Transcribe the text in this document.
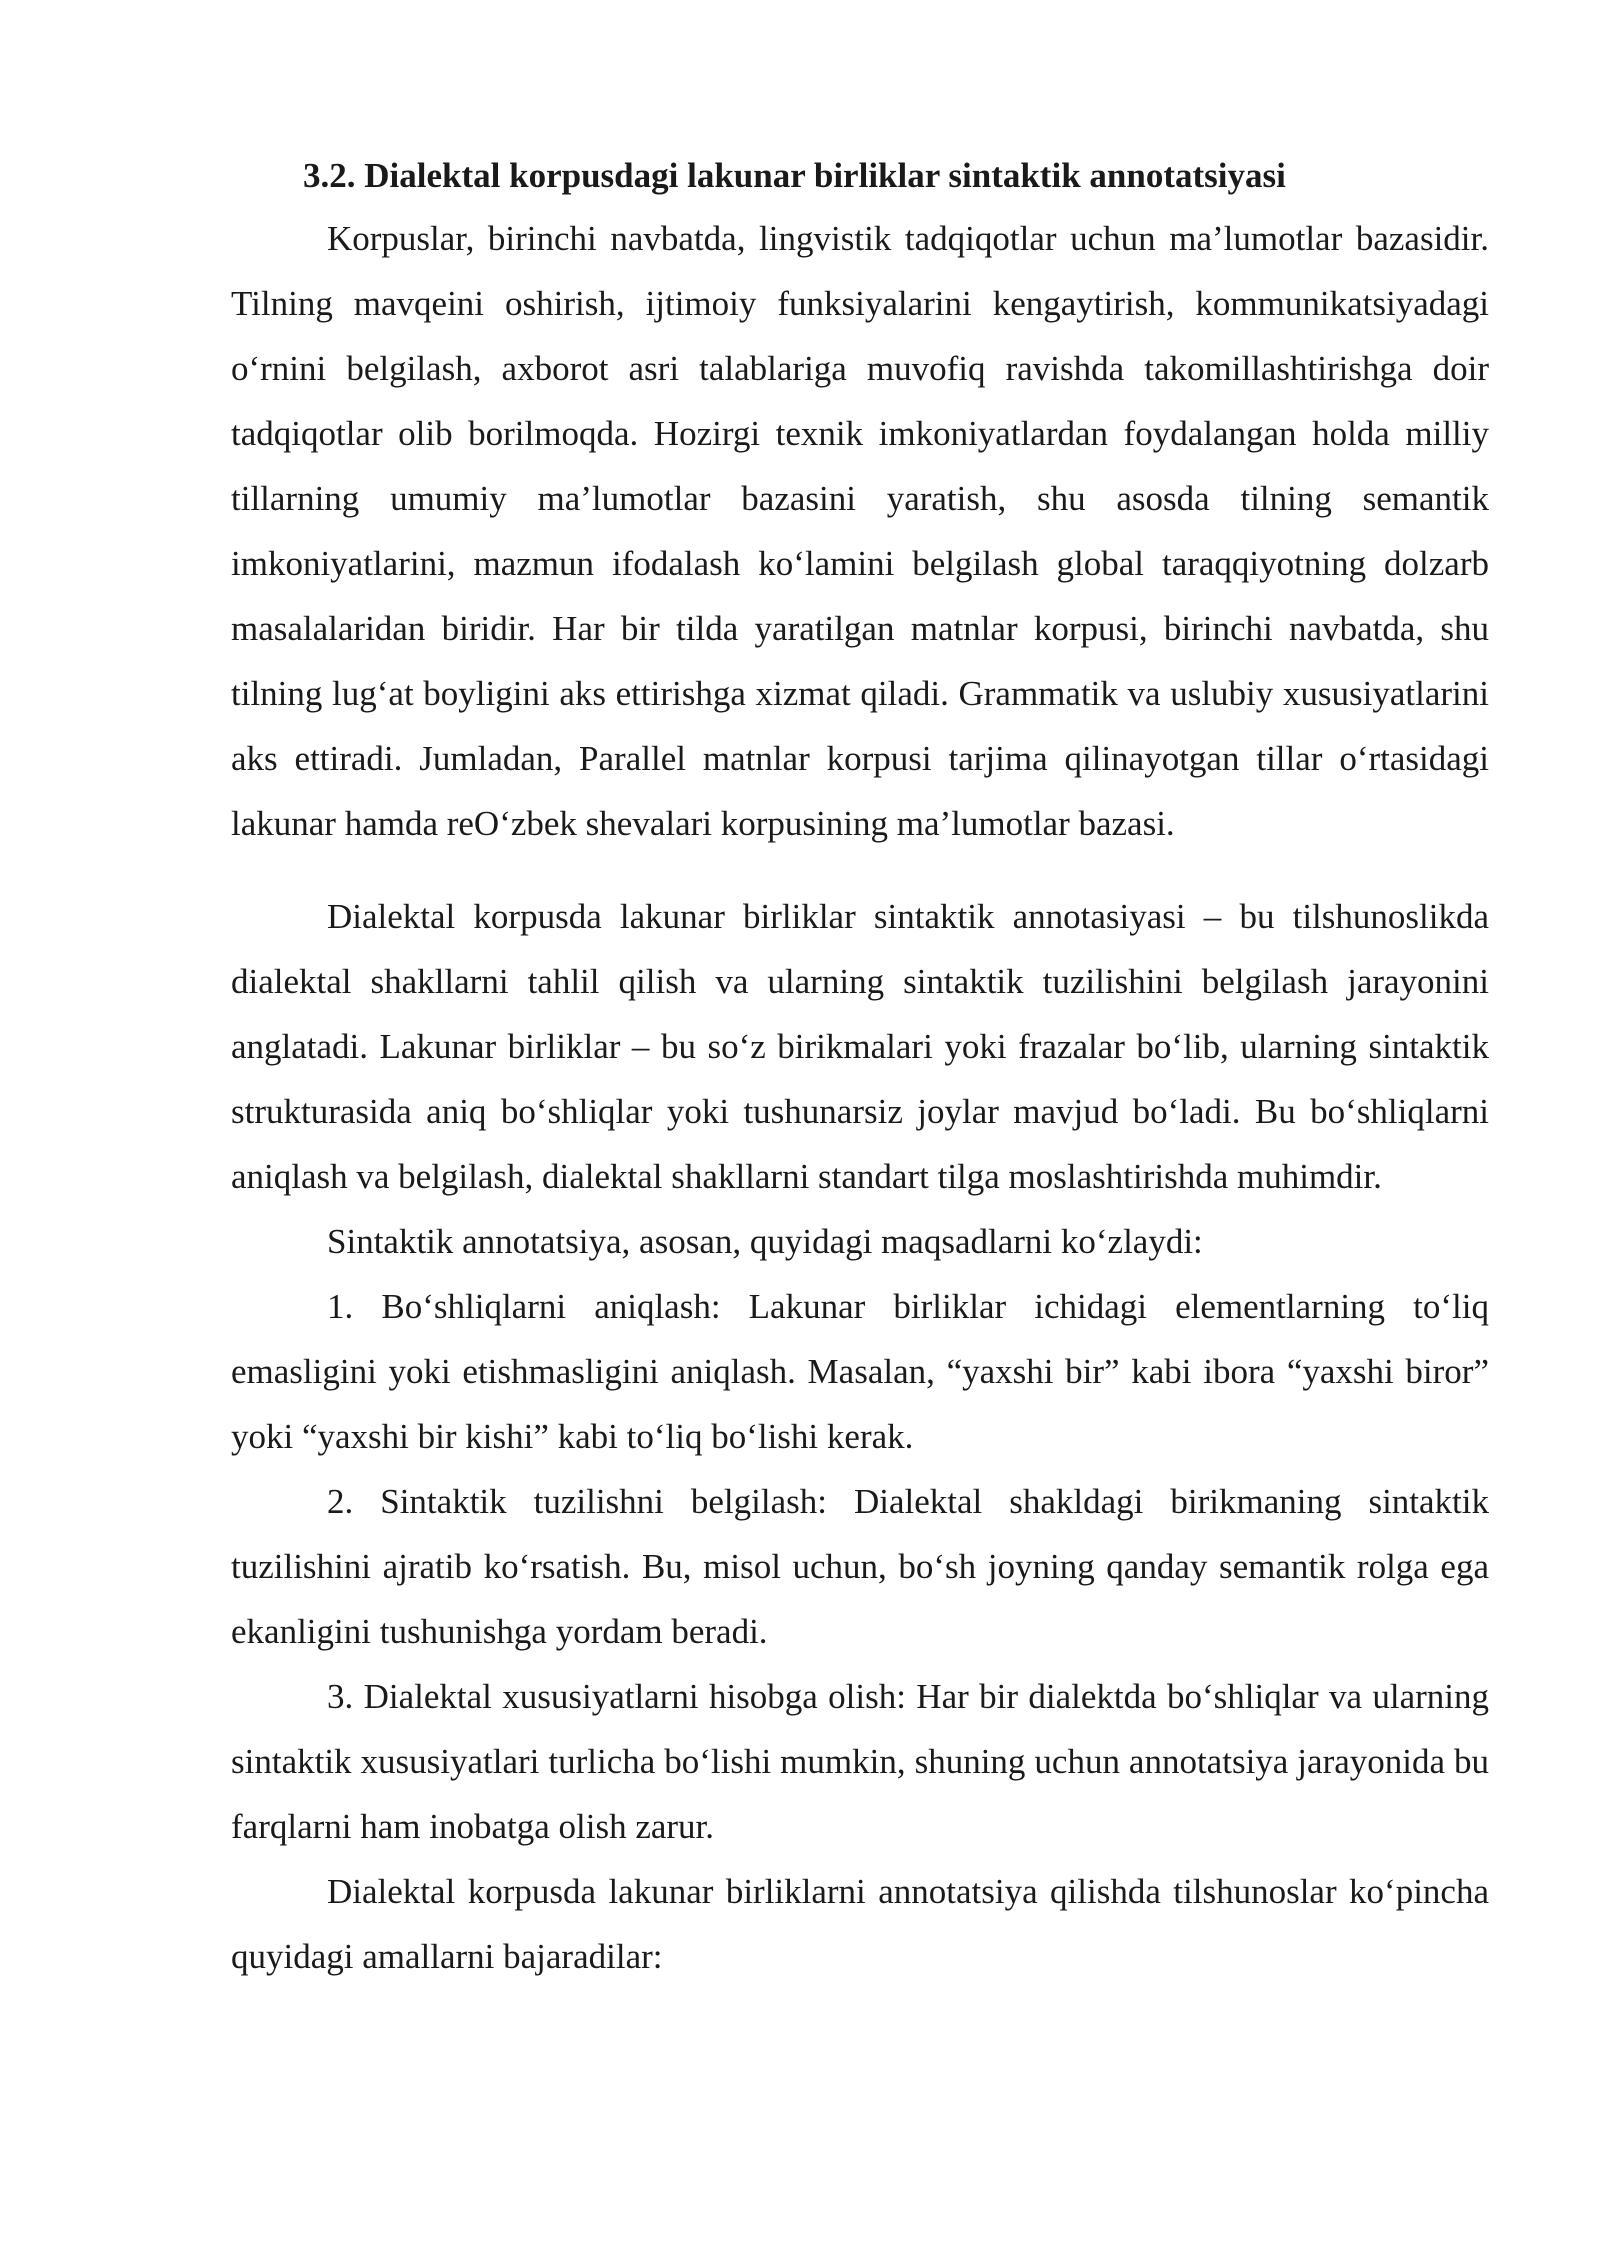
3.2. Dialektal korpusdagi lakunar birliklar sintaktik annotatsiyasi

Korpuslar, birinchi navbatda, lingvistik tadqiqotlar uchun ma’lumotlar bazasidir. Tilning mavqeini oshirish, ijtimoiy funksiyalarini kengaytirish, kommunikatsiyadagi o‘rnini belgilash, axborot asri talablariga muvofiq ravishda takomillashtirishga doir tadqiqotlar olib borilmoqda. Hozirgi texnik imkoniyatlardan foydalangan holda milliy tillarning umumiy ma’lumotlar bazasini yaratish, shu asosda tilning semantik imkoniyatlarini, mazmun ifodalash ko‘lamini belgilash global taraqqiyotning dolzarb masalalaridan biridir. Har bir tilda yaratilgan matnlar korpusi, birinchi navbatda, shu tilning lug‘at boyligini aks ettirishga xizmat qiladi. Grammatik va uslubiy xususiyatlarini aks ettiradi. Jumladan, Parallel matnlar korpusi tarjima qilinayotgan tillar o‘rtasidagi lakunar hamda reO‘zbek shevalari korpusining ma’lumotlar bazasi.

Dialektal korpusda lakunar birliklar sintaktik annotasiyasi – bu tilshunoslikda dialektal shakllarni tahlil qilish va ularning sintaktik tuzilishini belgilash jarayonini anglatadi. Lakunar birliklar – bu so‘z birikmalari yoki frazalar bo‘lib, ularning sintaktik strukturasida aniq bo‘shliqlar yoki tushunarsiz joylar mavjud bo‘ladi. Bu bo‘shliqlarni aniqlash va belgilash, dialektal shakllarni standart tilga moslashtirishda muhimdir.

Sintaktik annotatsiya, asosan, quyidagi maqsadlarni ko‘zlaydi:

1. Bo‘shliqlarni aniqlash: Lakunar birliklar ichidagi elementlarning to‘liq emasligini yoki etishmasligini aniqlash. Masalan, “yaxshi bir” kabi ibora “yaxshi biror” yoki “yaxshi bir kishi” kabi to‘liq bo‘lishi kerak.

2. Sintaktik tuzilishni belgilash: Dialektal shakldagi birikmaning sintaktik tuzilishini ajratib ko‘rsatish. Bu, misol uchun, bo‘sh joyning qanday semantik rolga ega ekanligini tushunishga yordam beradi.

3. Dialektal xususiyatlarni hisobga olish: Har bir dialektda bo‘shliqlar va ularning sintaktik xususiyatlari turlicha bo‘lishi mumkin, shuning uchun annotatsiya jarayonida bu farqlarni ham inobatga olish zarur.

Dialektal korpusda lakunar birliklarni annotatsiya qilishda tilshunoslar ko‘pincha quyidagi amallarni bajaradilar:
